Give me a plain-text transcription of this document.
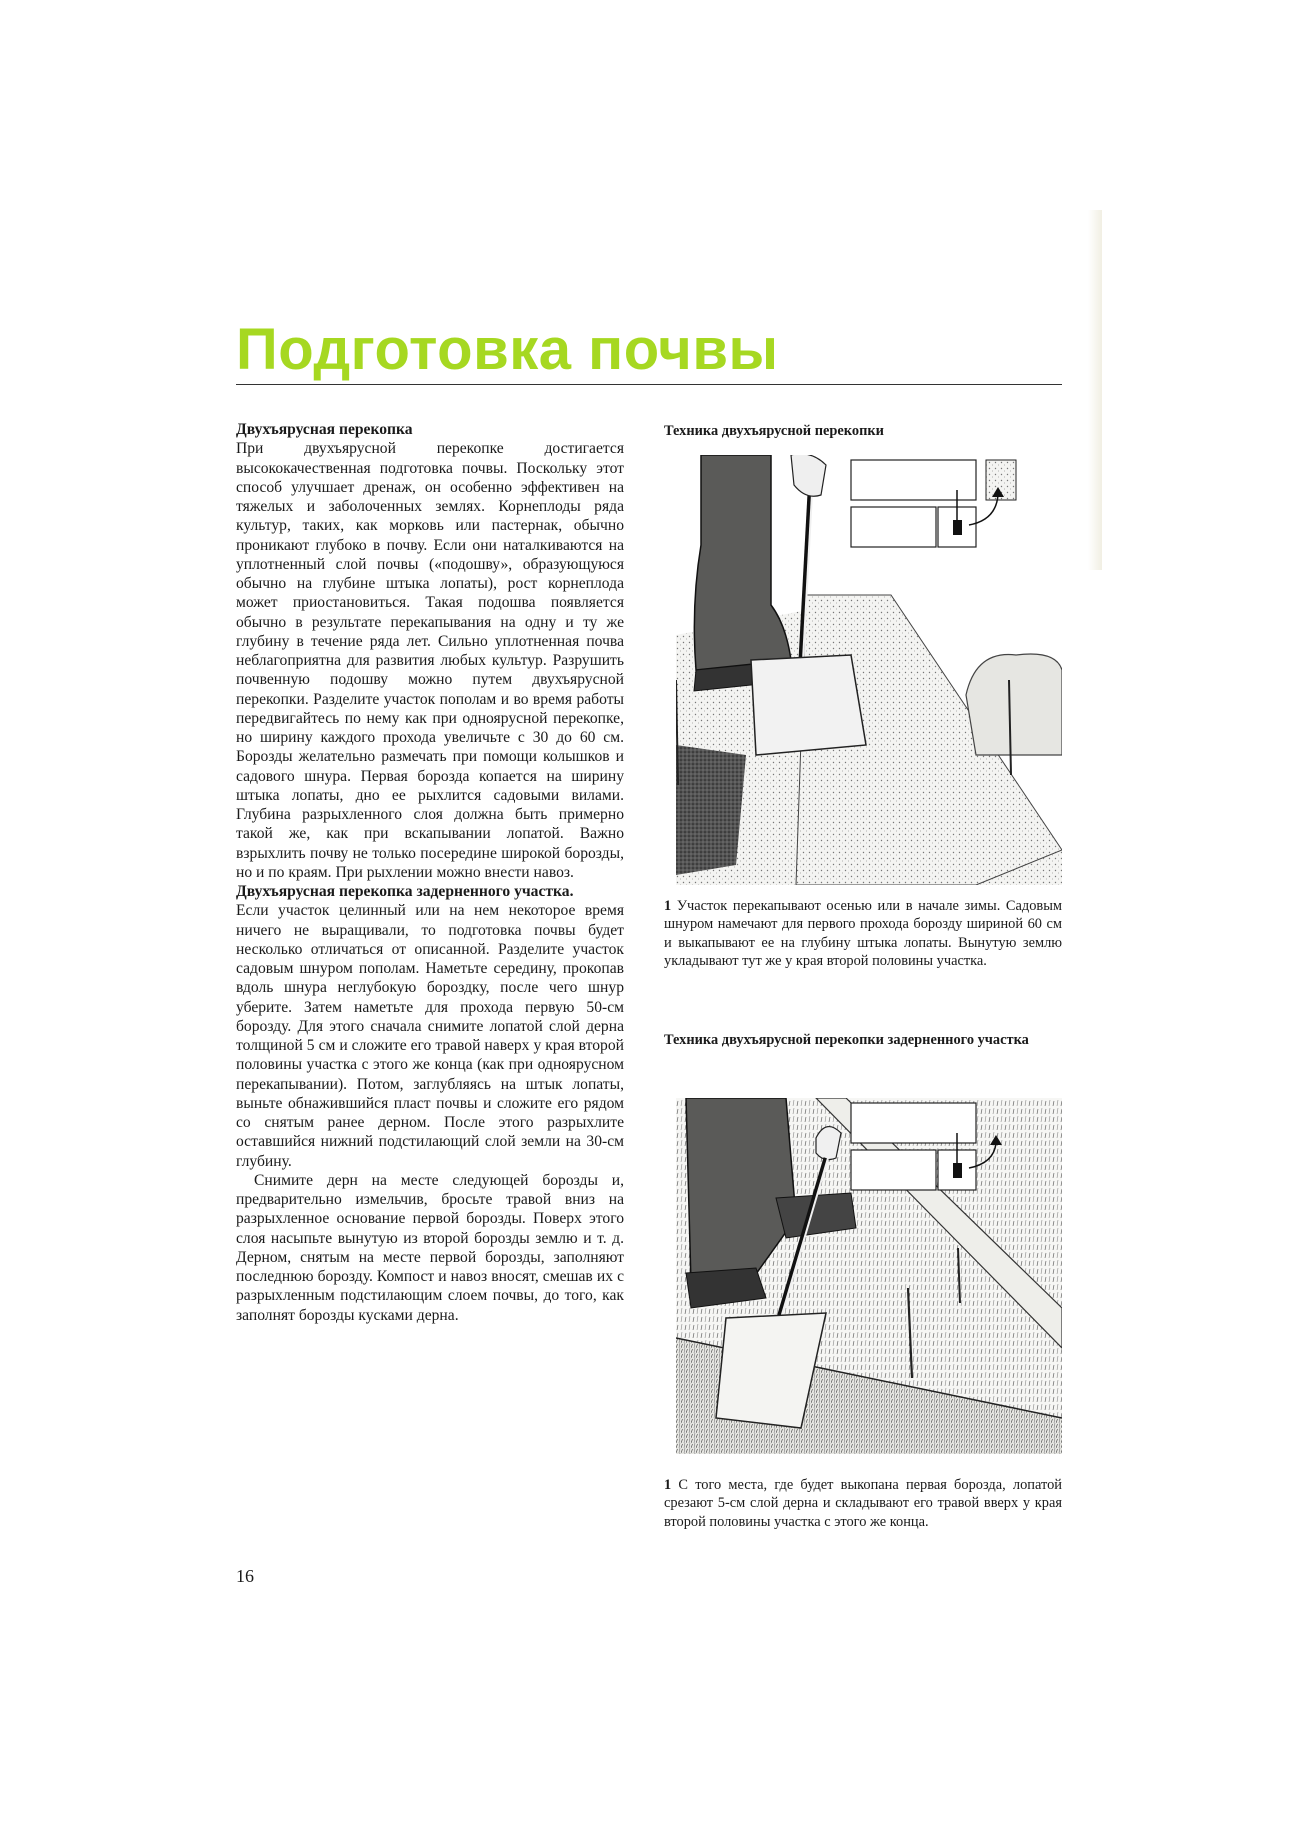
Подготовка почвы
Двухъярусная перекопка

При двухъярусной перекопке достигается высококачественная подготовка почвы. Поскольку этот способ улучшает дренаж, он особенно эффективен на тяжелых и заболоченных землях. Корнеплоды ряда культур, таких, как морковь или пастернак, обычно проникают глубоко в почву. Если они наталкиваются на уплотненный слой почвы («подошву», образующуюся обычно на глубине штыка лопаты), рост корнеплода может приостановиться. Такая подошва появляется обычно в результате перекапывания на одну и ту же глубину в течение ряда лет. Сильно уплотненная почва неблагоприятна для развития любых культур. Разрушить почвенную подошву можно путем двухъярусной перекопки. Разделите участок пополам и во время работы передвигайтесь по нему как при одноярусной перекопке, но ширину каждого прохода увеличьте с 30 до 60 см. Борозды желательно размечать при помощи колышков и садового шнура. Первая борозда копается на ширину штыка лопаты, дно ее рыхлится садовыми вилами. Глубина разрыхленного слоя должна быть примерно такой же, как при вскапывании лопатой. Важно взрыхлить почву не только посередине широкой борозды, но и по краям. При рыхлении можно внести навоз.

Двухъярусная перекопка задерненного участка.

Если участок целинный или на нем некоторое время ничего не выращивали, то подготовка почвы будет несколько отличаться от описанной. Разделите участок садовым шнуром пополам. Наметьте середину, прокопав вдоль шнура неглубокую бороздку, после чего шнур уберите. Затем наметьте для прохода первую 50-см борозду. Для этого сначала снимите лопатой слой дерна толщиной 5 см и сложите его травой наверх у края второй половины участка с этого же конца (как при одноярусном перекапывании). Потом, заглубляясь на штык лопаты, выньте обнажившийся пласт почвы и сложите его рядом со снятым ранее дерном. После этого разрыхлите оставшийся нижний подстилающий слой земли на 30-см глубину.

Снимите дерн на месте следующей борозды и, предварительно измельчив, бросьте травой вниз на разрыхленное основание первой борозды. Поверх этого слоя насыпьте вынутую из второй борозды землю и т. д. Дерном, снятым на месте первой борозды, заполняют последнюю борозду. Компост и навоз вносят, смешав их с разрыхленным подстилающим слоем почвы, до того, как заполнят борозды кусками дерна.

Техника двухъярусной перекопки

1 Участок перекапывают осенью или в начале зимы. Садовым шнуром намечают для первого прохода борозду шириной 60 см и выкапывают ее на глубину штыка лопаты. Вынутую землю укладывают тут же у края второй половины участка.

Техника двухъярусной перекопки задерненного участка

1 С того места, где будет выкопана первая борозда, лопатой срезают 5-см слой дерна и складывают его травой вверх у края второй половины участка с этого же конца.

16
